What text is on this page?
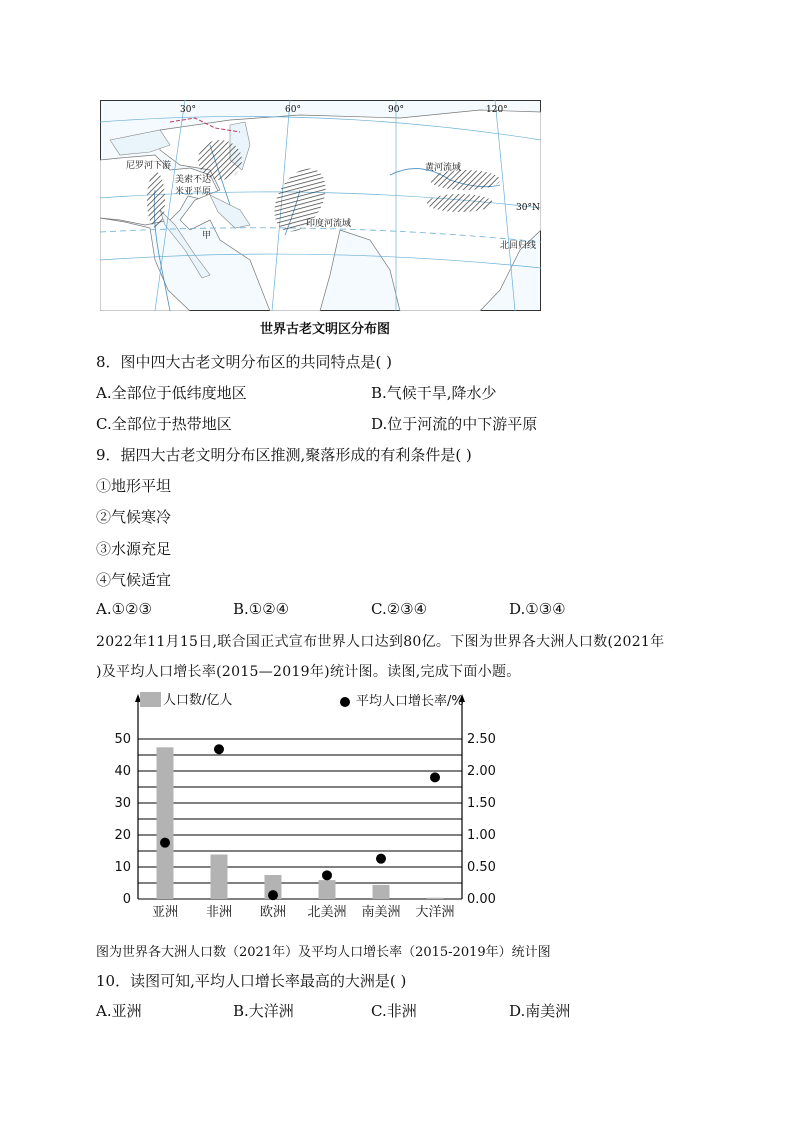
30°	60°	90°	120°
30°N
北回归线
尼罗河下游
美索不达
米亚平原
甲
印度河流域
黄河流域
世界古老文明区分布图
8．图中四大古老文明分布区的共同特点是( )
A.全部位于低纬度地区	B.气候干旱,降水少
C.全部位于热带地区	D.位于河流的中下游平原
9．据四大古老文明分布区推测,聚落形成的有利条件是( )
①地形平坦
②气候寒冷
③水源充足
④气候适宜
A.①②③	B.①②④	C.②③④	D.①③④
2022年11月15日,联合国正式宣布世界人口达到80亿。下图为世界各大洲人口数(2021年
)及平均人口增长率(2015—2019年)统计图。读图,完成下面小题。
0
10
20
30
40
50
0.00
0.50
1.00
1.50
2.00
2.50
亚洲 非洲 欧洲 北美洲 南美洲 大洋洲
人口数/亿人	平均人口增长率/%
图为世界各大洲人口数（2021年）及平均人口增长率（2015-2019年）统计图
10．读图可知,平均人口增长率最高的大洲是( )
A.亚洲	B.大洋洲	C.非洲	D.南美洲
